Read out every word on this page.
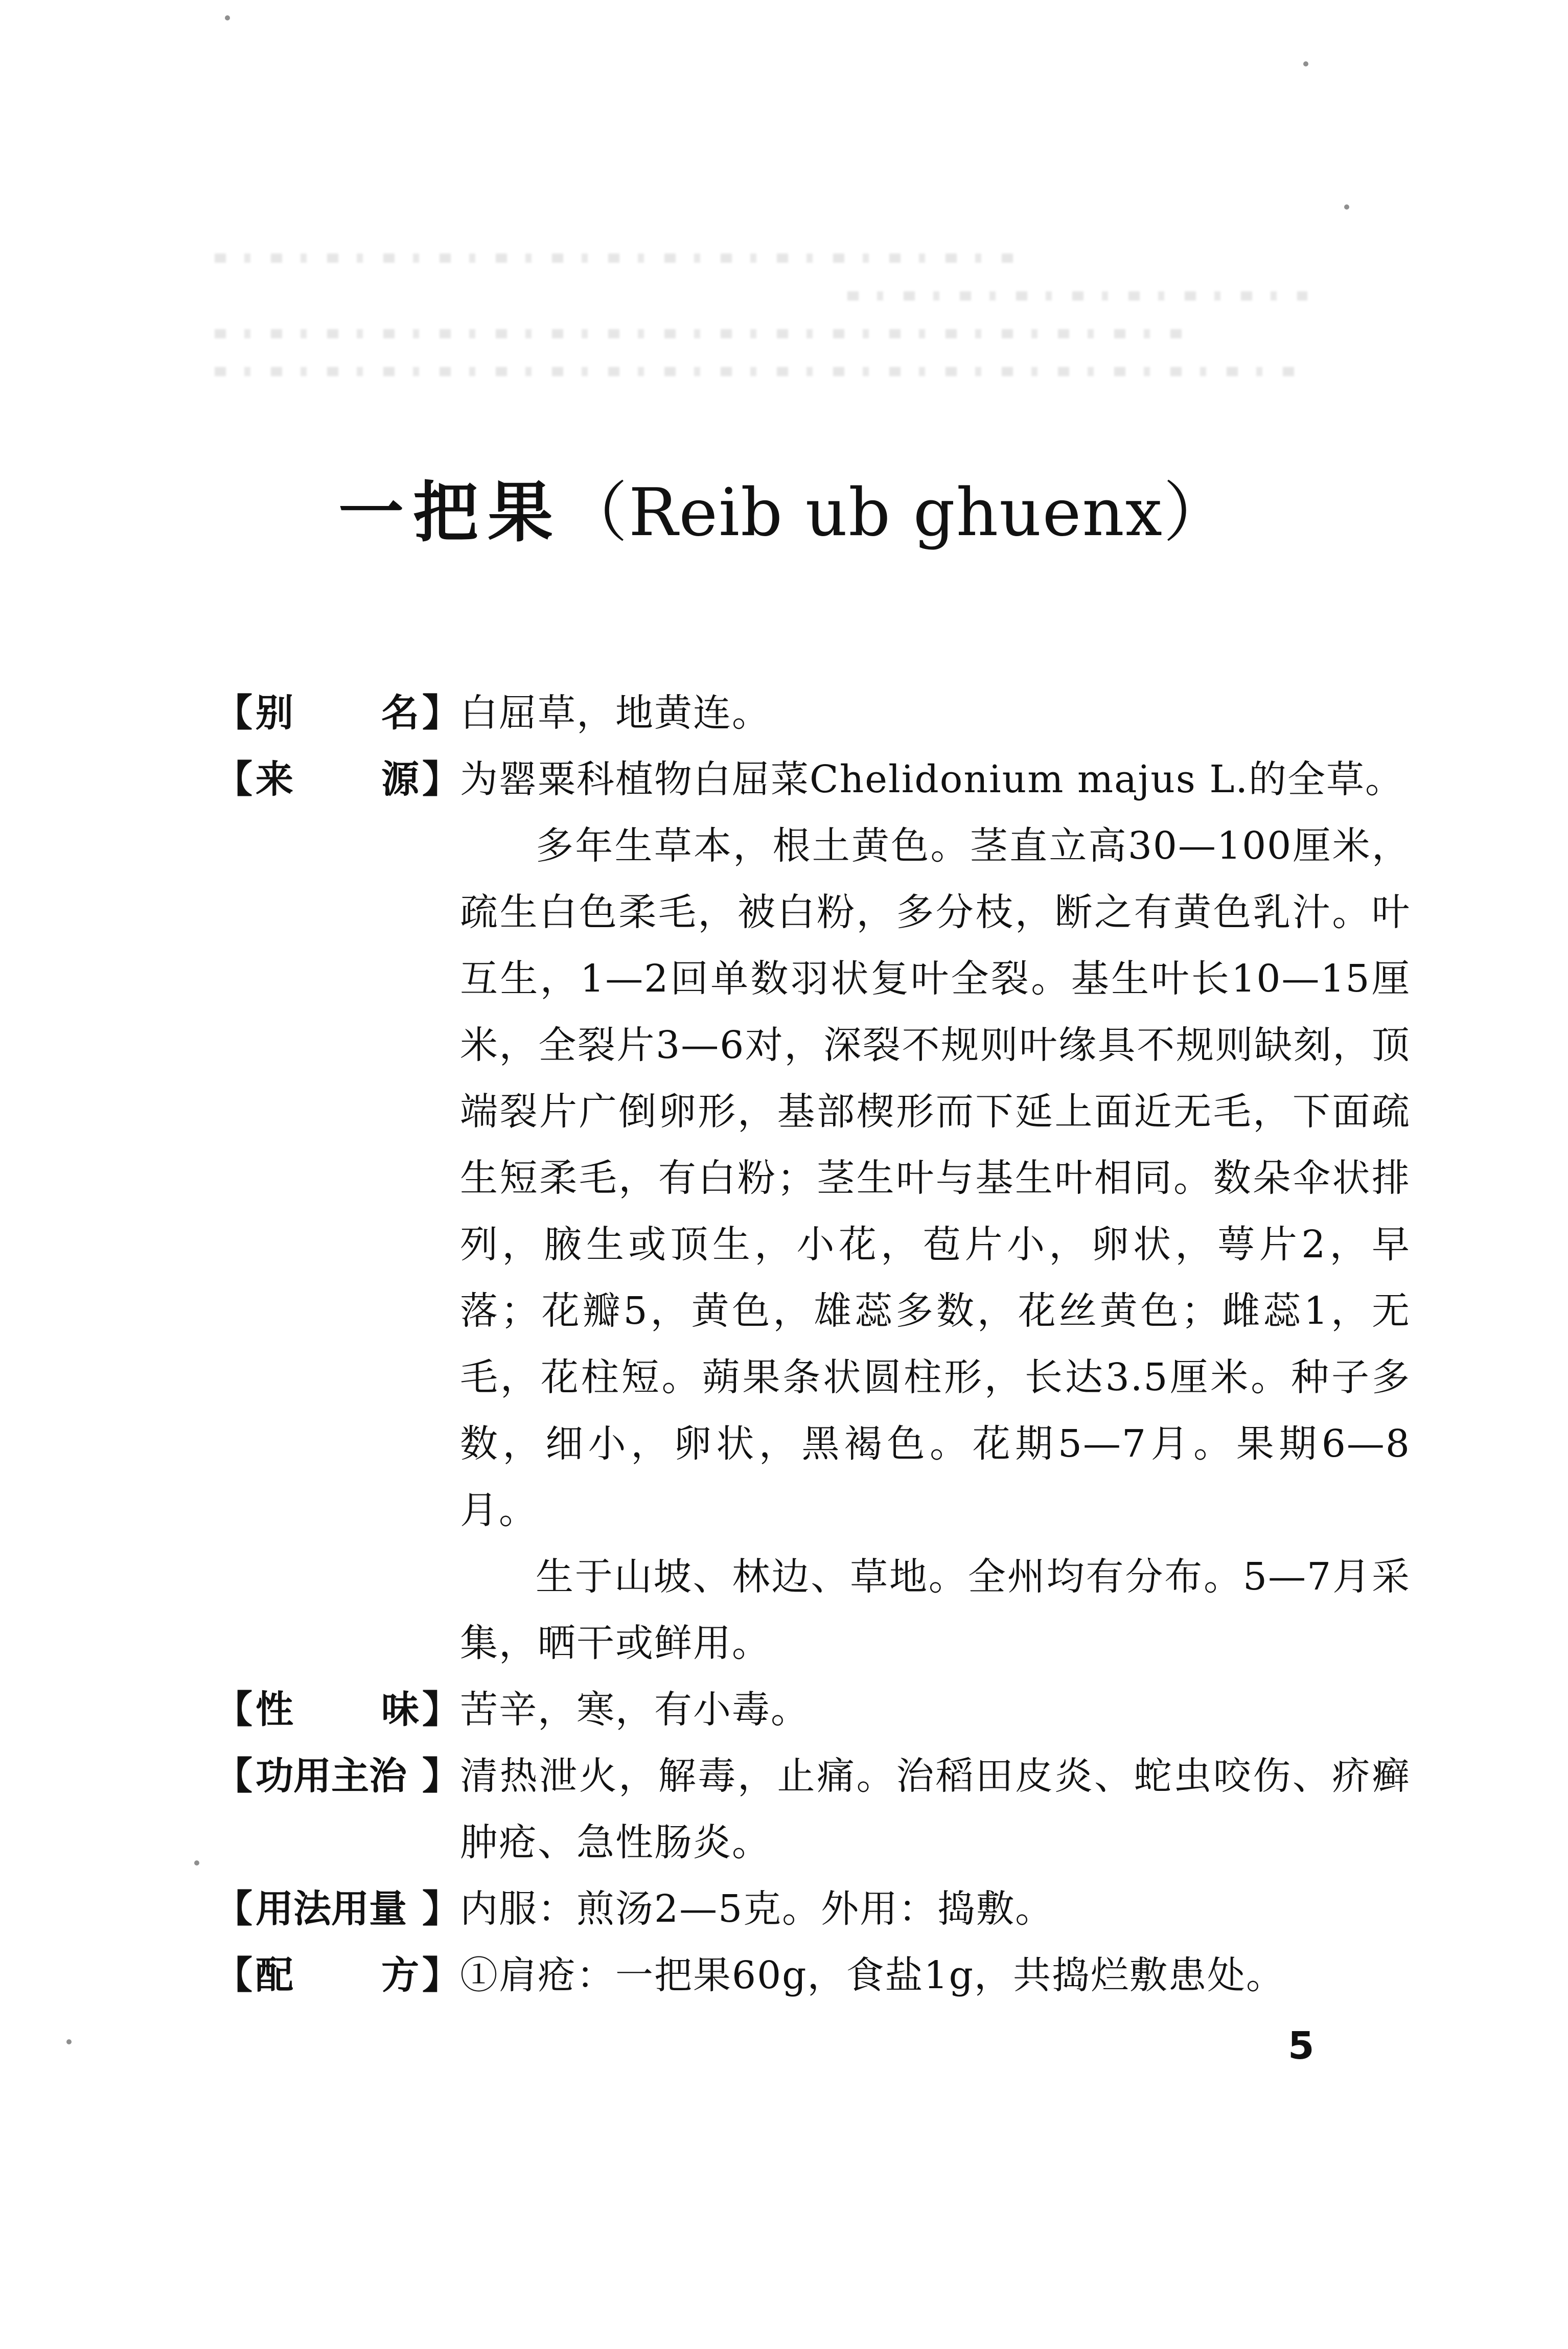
一把果（Reib ub ghuenx）
【 别 名 】 白屈草，地黄连。

【 来 源 】 为罂粟科植物白屈菜Chelidonium majus L.的全草。

多年生草本，根土黄色。茎直立高30—100厘米，疏生白色柔毛，被白粉，多分枝，断之有黄色乳汁。叶互生，1—2回单数羽状复叶全裂。基生叶长10—15厘米，全裂片3—6对，深裂不规则叶缘具不规则缺刻，顶端裂片广倒卵形，基部楔形而下延上面近无毛，下面疏生短柔毛，有白粉；茎生叶与基生叶相同。数朵伞状排列，腋生或顶生，小花，苞片小，卵状，萼片2，早落；花瓣5，黄色，雄蕊多数，花丝黄色；雌蕊1，无毛，花柱短。蒴果条状圆柱形，长达3.5厘米。种子多数，细小，卵状，黑褐色。花期5—7月。果期6—8月。

生于山坡、林边、草地。全州均有分布。5—7月采集，晒干或鲜用。

【 性 味 】 苦辛，寒，有小毒。

【 功用主治 】 清热泄火，解毒，止痛。治稻田皮炎、蛇虫咬伤、疥癣肿疮、急性肠炎。

【 用法用量 】 内服：煎汤2—5克。外用：捣敷。

【 配 方 】 ①肩疮：一把果60g，食盐1g，共捣烂敷患处。

5
